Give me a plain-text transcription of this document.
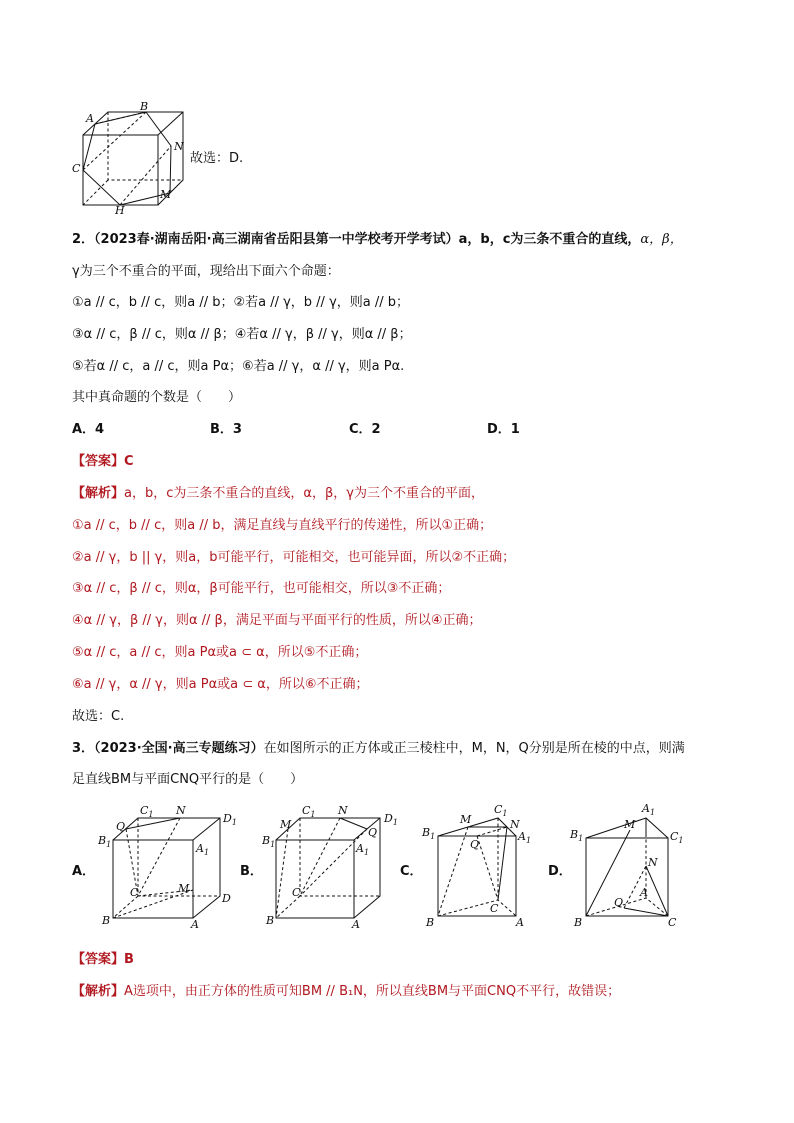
A
B
C
N
M
H
故选：D.
2．（2023春·湖南岳阳·高三湖南省岳阳县第一中学校考开学考试）a，b，c为三条不重合的直线，α，β，
γ为三个不重合的平面，现给出下面六个命题：
①a // c，b // c，则a // b；②若a // γ，b // γ，则a // b；
③α // c，β // c，则α // β；④若α // γ，β // γ，则α // β；
⑤若α // c，a // c，则a Pα；⑥若a // γ，α // γ，则a Pα.
其中真命题的个数是（　　）
A．4	B．3	C．2	D．1
【答案】C
【解析】a，b，c为三条不重合的直线，α，β，γ为三个不重合的平面，
①a // c，b // c，则a // b，满足直线与直线平行的传递性，所以①正确；
②a // γ，b || γ，则a，b可能平行，可能相交，也可能异面，所以②不正确；
③α // c，β // c，则α，β可能平行，也可能相交，所以③不正确；
④α // γ，β // γ，则α // β，满足平面与平面平行的性质，所以④正确；
⑤α // c，a // c，则a Pα或a ⊂ α，所以⑤不正确；
⑥a // γ，α // γ，则a Pα或a ⊂ α，所以⑥不正确；
故选：C.
3．（2023·全国·高三专题练习）在如图所示的正方体或正三棱柱中，M，N，Q分别是所在棱的中点，则满
足直线BM与平面CNQ平行的是（　　）
A．	B．	C．	D．
$C_1$ N
$D_1$
Q
$B_1$	$A_1$
C	M
D
B	A
$C_1$
M
N
$D_1$
Q
$B_1$	$A_1$
C
B	A
$C_1$
M	N
$B_1$
Q
$A_1$
C
B	A
$A_1$
M
$B_1$	$C_1$
N
A
Q
B	C
【答案】B
【解析】A选项中，由正方体的性质可知BM // B₁N，所以直线BM与平面CNQ不平行，故错误；
